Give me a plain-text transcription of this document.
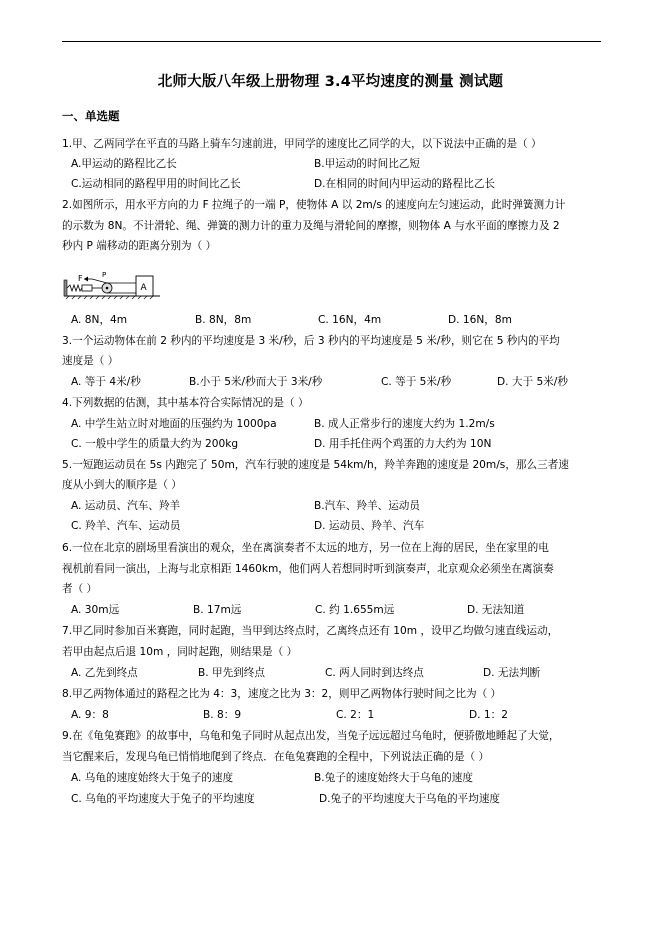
北师大版八年级上册物理 3.4平均速度的测量 测试题
一、单选题
1.甲、乙两同学在平直的马路上骑车匀速前进，甲同学的速度比乙同学的大，以下说法中正确的是（ ）
A.甲运动的路程比乙长	B.甲运动的时间比乙短
C.运动相同的路程甲用的时间比乙长	D.在相同的时间内甲运动的路程比乙长
2.如图所示，用水平方向的力 F 拉绳子的一端 P，使物体 A 以 2m/s 的速度向左匀速运动，此时弹簧测力计
的示数为 8N。不计滑轮、绳、弹簧的测力计的重力及绳与滑轮间的摩擦，则物体 A 与水平面的摩擦力及 2
秒内 P 端移动的距离分别为（ ）
F	P
A
A. 8N，4m	B. 8N，8m	C. 16N，4m	D. 16N，8m
3.一个运动物体在前 2 秒内的平均速度是 3 米/秒，后 3 秒内的平均速度是 5 米/秒，则它在 5 秒内的平均
速度是（ ）
A. 等于 4米/秒	B.小于 5米/秒而大于 3米/秒	C. 等于 5米/秒	D. 大于 5米/秒
4.下列数据的估测，其中基本符合实际情况的是（ ）
A. 中学生站立时对地面的压强约为 1000pa	B. 成人正常步行的速度大约为 1.2m/s
C. 一般中学生的质量大约为 200kg	D. 用手托住两个鸡蛋的力大约为 10N
5.一短跑运动员在 5s 内跑完了 50m，汽车行驶的速度是 54km/h，羚羊奔跑的速度是 20m/s，那么三者速
度从小到大的顺序是（ ）
A. 运动员、汽车、羚羊	B.汽车、羚羊、运动员
C. 羚羊、汽车、运动员	D. 运动员、羚羊、汽车
6.一位在北京的剧场里看演出的观众，坐在离演奏者不太远的地方，另一位在上海的居民，坐在家里的电
视机前看同一演出，上海与北京相距 1460km，他们两人若想同时听到演奏声，北京观众必须坐在离演奏
者（ ）
A. 30m远	B. 17m远	C. 约 1.655m远	D. 无法知道
7.甲乙同时参加百米赛跑，同时起跑，当甲到达终点时，乙离终点还有 10m ，设甲乙均做匀速直线运动，
若甲由起点后退 10m ，同时起跑，则结果是（ ）
A. 乙先到终点	B. 甲先到终点	C. 两人同时到达终点	D. 无法判断
8.甲乙两物体通过的路程之比为 4：3，速度之比为 3：2，则甲乙两物体行驶时间之比为（ ）
A. 9：8	B. 8：9	C. 2：1	D. 1：2
9.在《龟兔赛跑》的故事中，乌龟和兔子同时从起点出发，当兔子远远超过乌龟时，便骄傲地睡起了大觉，
当它醒来后，发现乌龟已悄悄地爬到了终点．在龟兔赛跑的全程中，下列说法正确的是（ ）
A. 乌龟的速度始终大于兔子的速度	B.兔子的速度始终大于乌龟的速度
C. 乌龟的平均速度大于兔子的平均速度	D.兔子的平均速度大于乌龟的平均速度
